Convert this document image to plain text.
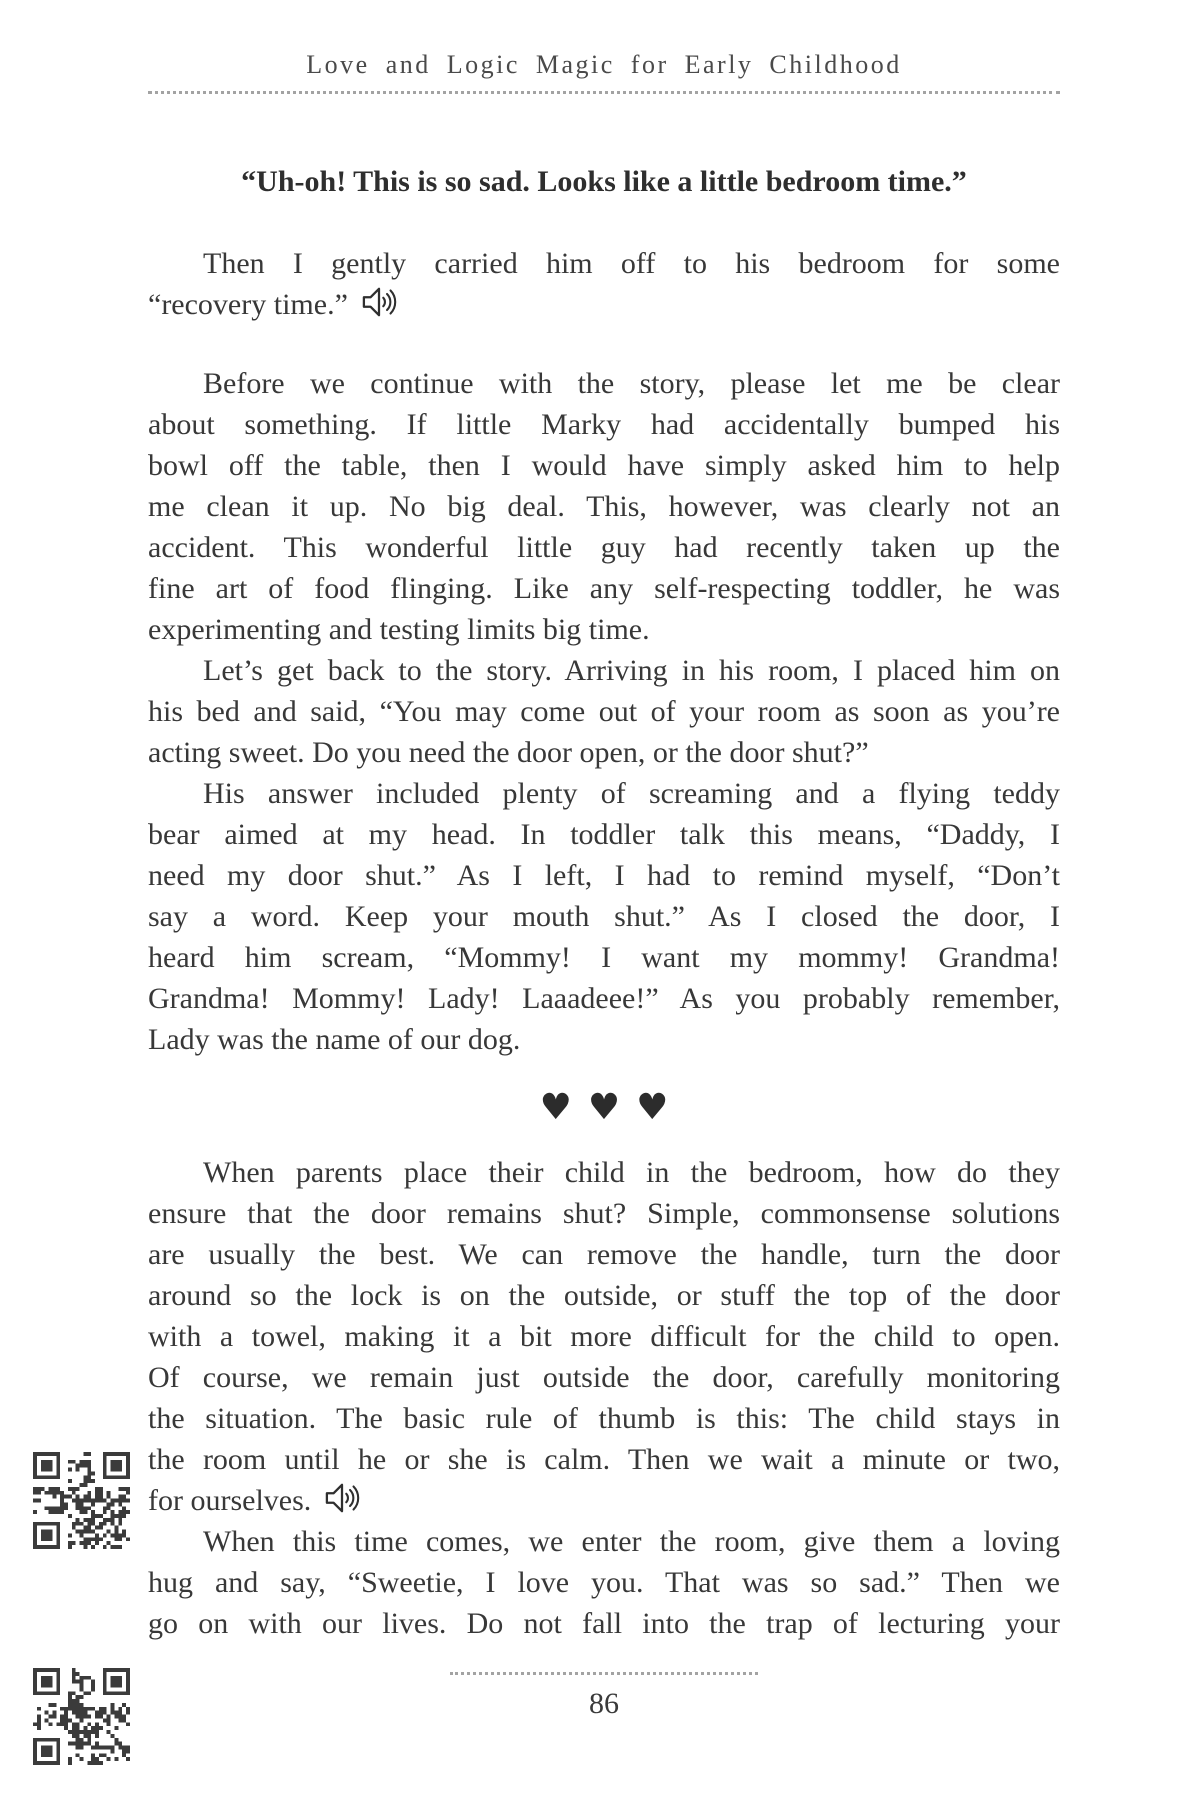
Love and Logic Magic for Early Childhood
“Uh-oh! This is so sad. Looks like a little bedroom time.”
Then I gently carried him off to his bedroom for some
“recovery time.”
Before we continue with the story, please let me be clear
about something. If little Marky had accidentally bumped his
bowl off the table, then I would have simply asked him to help
me clean it up. No big deal. This, however, was clearly not an
accident. This wonderful little guy had recently taken up the
fine art of food flinging. Like any self-respecting toddler, he was
experimenting and testing limits big time.
Let’s get back to the story. Arriving in his room, I placed him on
his bed and said, “You may come out of your room as soon as you’re
acting sweet. Do you need the door open, or the door shut?”
His answer included plenty of screaming and a flying teddy
bear aimed at my head. In toddler talk this means, “Daddy, I
need my door shut.” As I left, I had to remind myself, “Don’t
say a word. Keep your mouth shut.” As I closed the door, I
heard him scream, “Mommy! I want my mommy! Grandma!
Grandma! Mommy! Lady! Laaadeee!” As you probably remember,
Lady was the name of our dog.
♥♥♥
When parents place their child in the bedroom, how do they
ensure that the door remains shut? Simple, commonsense solutions
are usually the best. We can remove the handle, turn the door
around so the lock is on the outside, or stuff the top of the door
with a towel, making it a bit more difficult for the child to open.
Of course, we remain just outside the door, carefully monitoring
the situation. The basic rule of thumb is this: The child stays in
the room until he or she is calm. Then we wait a minute or two,
for ourselves.
When this time comes, we enter the room, give them a loving
hug and say, “Sweetie, I love you. That was so sad.” Then we
go on with our lives. Do not fall into the trap of lecturing your
86
